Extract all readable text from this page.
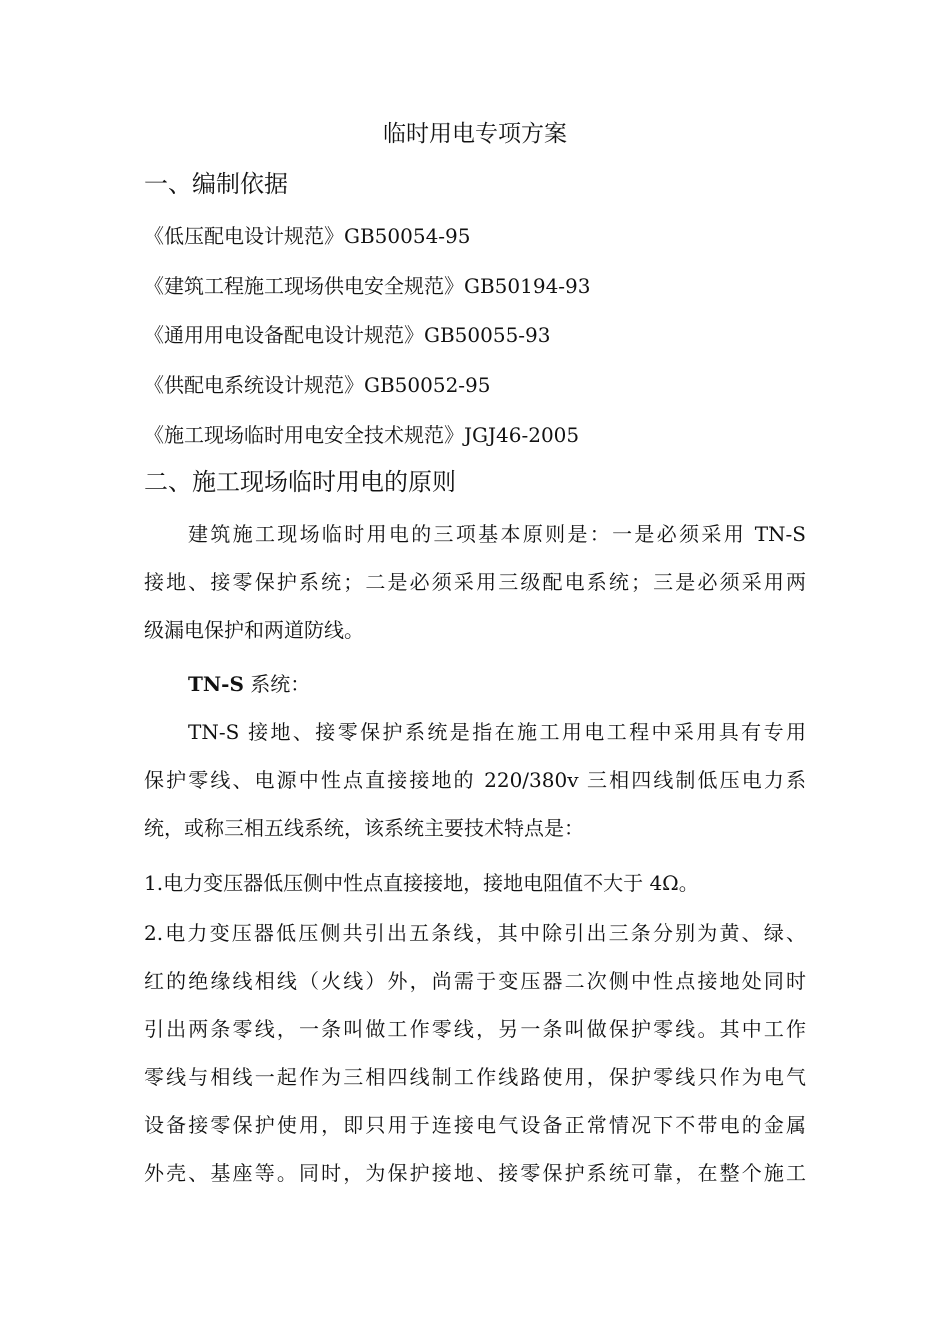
临时用电专项方案
一、编制依据

《低压配电设计规范》GB50054-95

《建筑工程施工现场供电安全规范》GB50194-93

《通用用电设备配电设计规范》GB50055-93

《供配电系统设计规范》GB50052-95

《施工现场临时用电安全技术规范》JGJ46-2005

二、施工现场临时用电的原则
建筑施工现场临时用电的三项基本原则是：一是必须采用 TN-S
接地、接零保护系统；二是必须采用三级配电系统；三是必须采用两
级漏电保护和两道防线。

TN-S 系统：

TN-S 接地、接零保护系统是指在施工用电工程中采用具有专用
保护零线、电源中性点直接接地的 220/380v 三相四线制低压电力系
统，或称三相五线系统，该系统主要技术特点是：

1.电力变压器低压侧中性点直接接地，接地电阻值不大于 4Ω。

2.电力变压器低压侧共引出五条线，其中除引出三条分别为黄、绿、
红的绝缘线相线（火线）外，尚需于变压器二次侧中性点接地处同时
引出两条零线，一条叫做工作零线，另一条叫做保护零线。其中工作
零线与相线一起作为三相四线制工作线路使用，保护零线只作为电气
设备接零保护使用，即只用于连接电气设备正常情况下不带电的金属
外壳、基座等。同时，为保护接地、接零保护系统可靠，在整个施工
